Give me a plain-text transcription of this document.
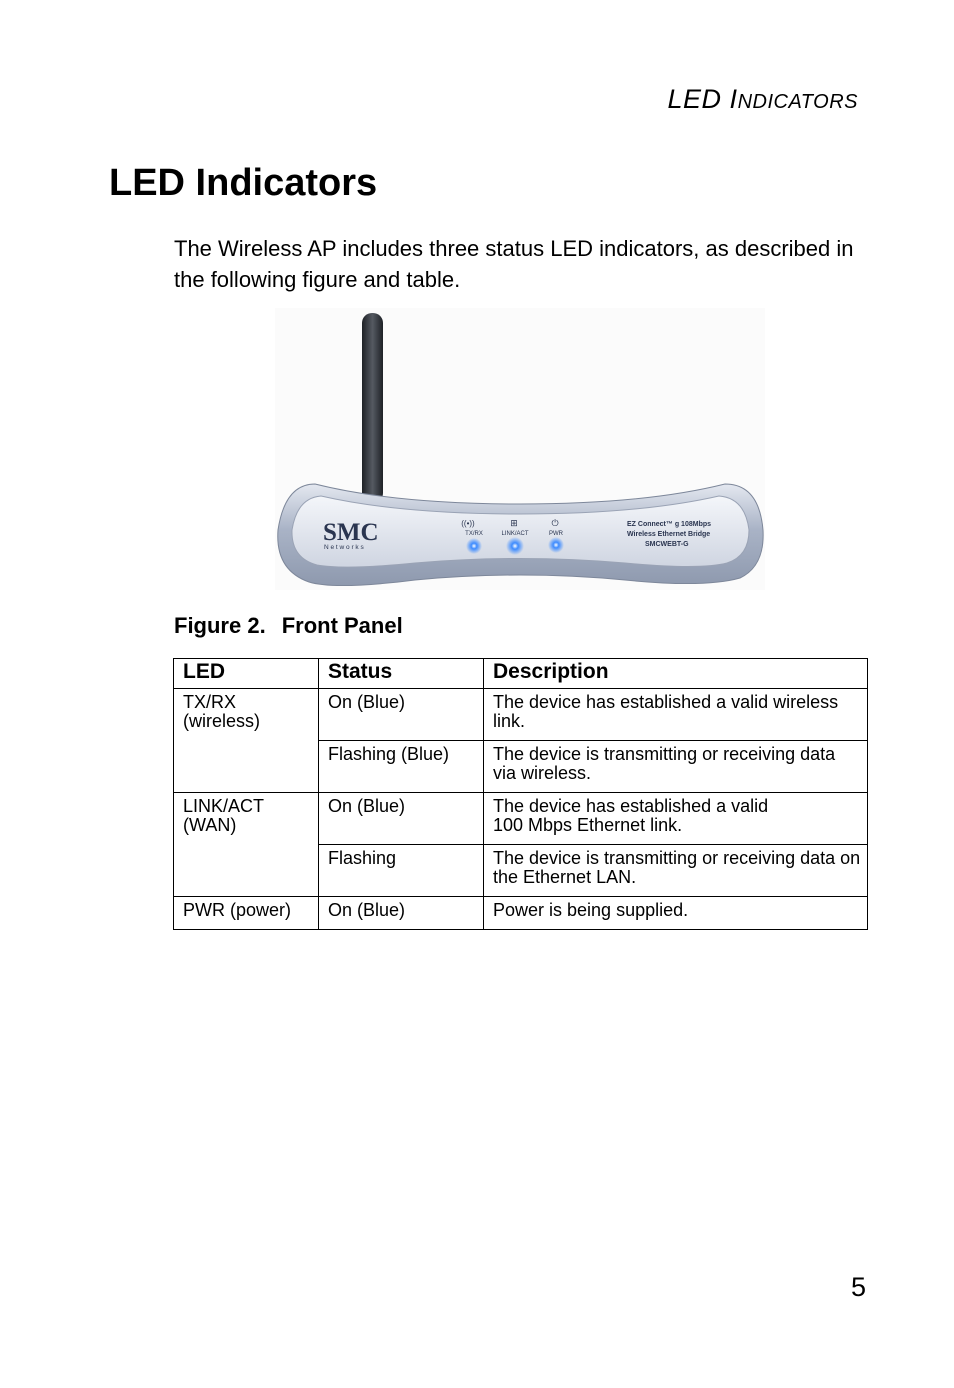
LED INDICATORS
LED Indicators

The Wireless AP includes three status LED indicators, as described in the following figure and table.

SMC
N e t w o r k s
((•))	⊞	⏻
TX/RX	LINK/ACT	PWR
EZ Connect™ g 108Mbps
Wireless Ethernet Bridge
SMCWEBT-G

Figure 2. Front Panel

LED	Status	Description
TX/RX
(wireless)	On (Blue)	The device has established a valid wireless link.
	Flashing (Blue)	The device is transmitting or receiving data via wireless.
LINK/ACT
(WAN)	On (Blue)	The device has established a valid
100 Mbps Ethernet link.
	Flashing	The device is transmitting or receiving data on the Ethernet LAN.
PWR (power)	On (Blue)	Power is being supplied.
5
